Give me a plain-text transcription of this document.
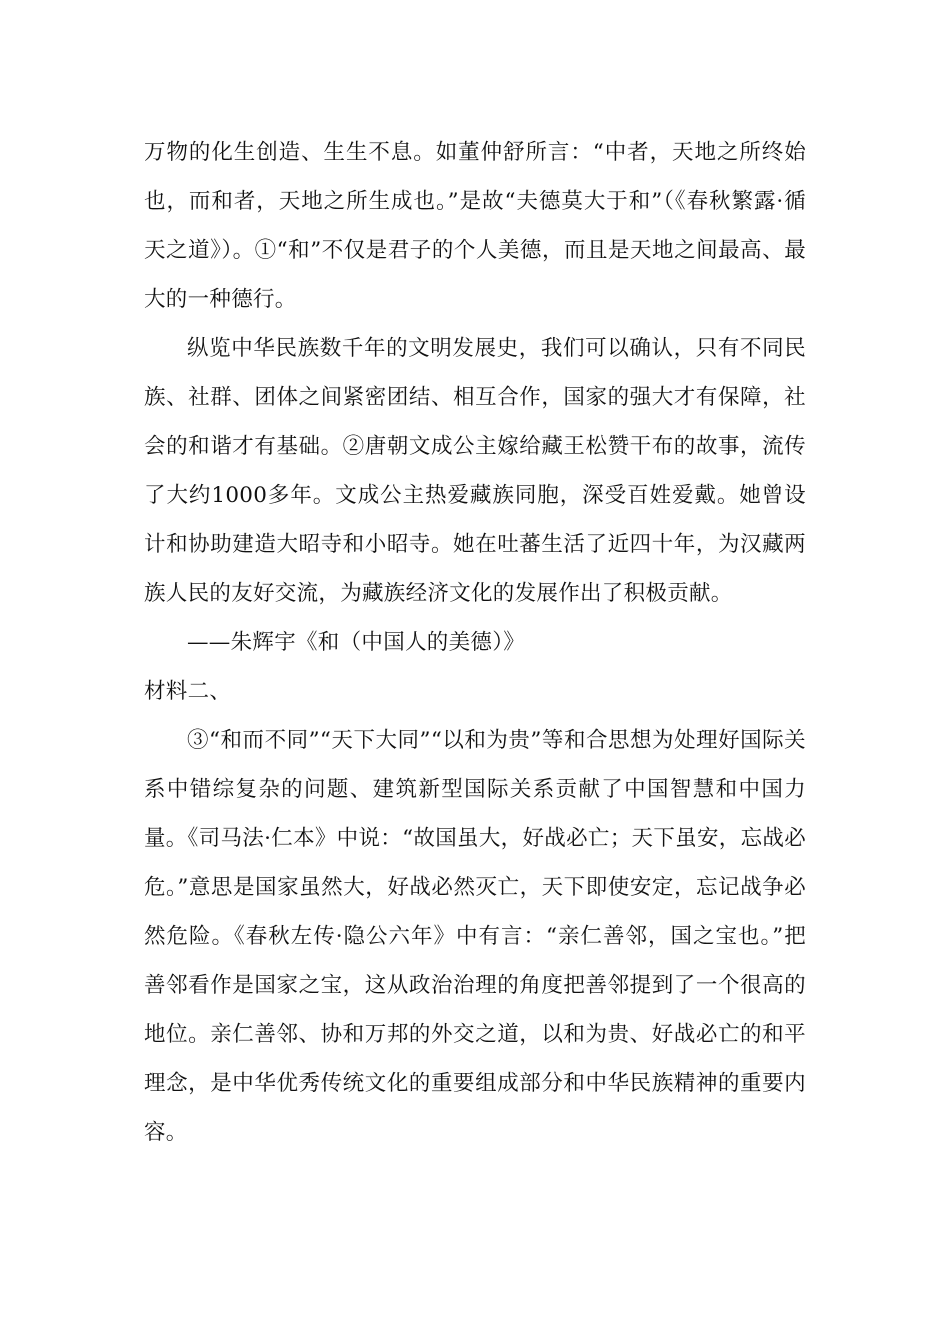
万物的化生创造、生生不息。如董仲舒所言：“中者，天地之所终始也，而和者，天地之所生成也。”是故“夫德莫大于和”（《春秋繁露·循天之道》）。①“和”不仅是君子的个人美德，而且是天地之间最高、最大的一种德行。

纵览中华民族数千年的文明发展史，我们可以确认，只有不同民族、社群、团体之间紧密团结、相互合作，国家的强大才有保障，社会的和谐才有基础。②唐朝文成公主嫁给藏王松赞干布的故事，流传了大约1000多年。文成公主热爱藏族同胞，深受百姓爱戴。她曾设计和协助建造大昭寺和小昭寺。她在吐蕃生活了近四十年，为汉藏两族人民的友好交流，为藏族经济文化的发展作出了积极贡献。

——朱辉宇《和（中国人的美德）》

材料二、

③“和而不同”“天下大同”“以和为贵”等和合思想为处理好国际关系中错综复杂的问题、建筑新型国际关系贡献了中国智慧和中国力量。《司马法·仁本》中说：“故国虽大，好战必亡；天下虽安，忘战必危。”意思是国家虽然大，好战必然灭亡，天下即使安定，忘记战争必然危险。《春秋左传·隐公六年》中有言：“亲仁善邻，国之宝也。”把善邻看作是国家之宝，这从政治治理的角度把善邻提到了一个很高的地位。亲仁善邻、协和万邦的外交之道，以和为贵、好战必亡的和平理念，是中华优秀传统文化的重要组成部分和中华民族精神的重要内容。
